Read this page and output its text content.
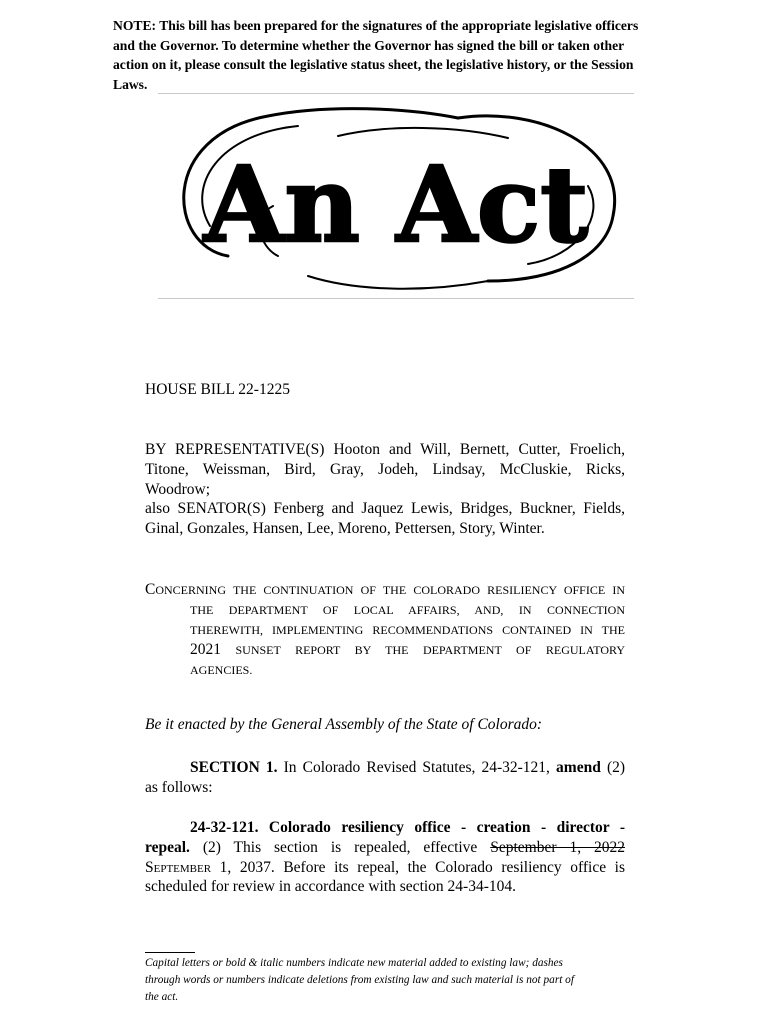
NOTE: This bill has been prepared for the signatures of the appropriate legislative officers and the Governor. To determine whether the Governor has signed the bill or taken other action on it, please consult the legislative status sheet, the legislative history, or the Session Laws.
An Act
HOUSE BILL 22-1225
BY REPRESENTATIVE(S) Hooton and Will, Bernett, Cutter, Froelich,
Titone, Weissman, Bird, Gray, Jodeh, Lindsay, McCluskie, Ricks,
Woodrow;
also SENATOR(S) Fenberg and Jaquez Lewis, Bridges, Buckner, Fields,
Ginal, Gonzales, Hansen, Lee, Moreno, Pettersen, Story, Winter.
CONCERNING THE CONTINUATION OF THE COLORADO RESILIENCY OFFICE IN
THE DEPARTMENT OF LOCAL AFFAIRS, AND, IN CONNECTION
THEREWITH, IMPLEMENTING RECOMMENDATIONS CONTAINED IN THE
2021 SUNSET REPORT BY THE DEPARTMENT OF REGULATORY
AGENCIES.
Be it enacted by the General Assembly of the State of Colorado:
SECTION 1. In Colorado Revised Statutes, 24-32-121, amend (2)
as follows:
24-32-121. Colorado resiliency office - creation - director -
repeal. (2) This section is repealed, effective September 1, 2022
September 1, 2037. Before its repeal, the Colorado resiliency office is
scheduled for review in accordance with section 24-34-104.
Capital letters or bold & italic numbers indicate new material added to existing law; dashes
through words or numbers indicate deletions from existing law and such material is not part of
the act.
